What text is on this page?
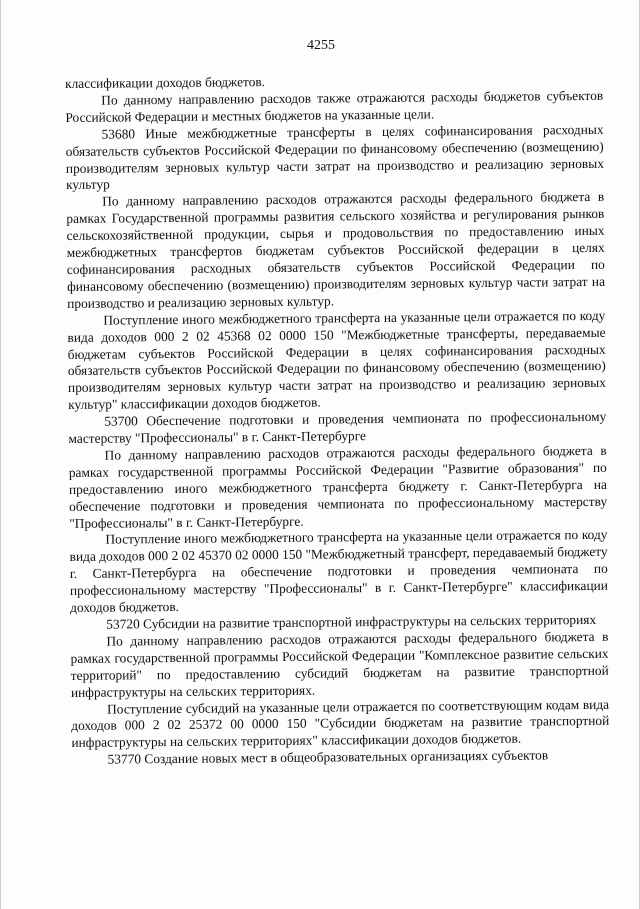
4255

классификации доходов бюджетов.

По данному направлению расходов также отражаются расходы бюджетов субъектов Российской Федерации и местных бюджетов на указанные цели.

53680 Иные межбюджетные трансферты в целях софинансирования расходных обязательств субъектов Российской Федерации по финансовому обеспечению (возмещению) производителям зерновых культур части затрат на производство и реализацию зерновых культур

По данному направлению расходов отражаются расходы федерального бюджета в рамках Государственной программы развития сельского хозяйства и регулирования рынков сельскохозяйственной продукции, сырья и продовольствия по предоставлению иных межбюджетных трансфертов бюджетам субъектов Российской федерации в целях софинансирования расходных обязательств субъектов Российской Федерации по финансовому обеспечению (возмещению) производителям зерновых культур части затрат на производство и реализацию зерновых культур.

Поступление иного межбюджетного трансферта на указанные цели отражается по коду вида доходов 000 2 02 45368 02 0000 150 "Межбюджетные трансферты, передаваемые бюджетам субъектов Российской Федерации в целях софинансирования расходных обязательств субъектов Российской Федерации по финансовому обеспечению (возмещению) производителям зерновых культур части затрат на производство и реализацию зерновых культур" классификации доходов бюджетов.

53700 Обеспечение подготовки и проведения чемпионата по профессиональному мастерству "Профессионалы" в г. Санкт-Петербурге

По данному направлению расходов отражаются расходы федерального бюджета в рамках государственной программы Российской Федерации "Развитие образования" по предоставлению иного межбюджетного трансферта бюджету г. Санкт-Петербурга на обеспечение подготовки и проведения чемпионата по профессиональному мастерству "Профессионалы" в г. Санкт-Петербурге.

Поступление иного межбюджетного трансферта на указанные цели отражается по коду вида доходов 000 2 02 45370 02 0000 150 "Межбюджетный трансферт, передаваемый бюджету г. Санкт-Петербурга на обеспечение подготовки и проведения чемпионата по профессиональному мастерству "Профессионалы" в г. Санкт-Петербурге" классификации доходов бюджетов.

53720 Субсидии на развитие транспортной инфраструктуры на сельских территориях

По данному направлению расходов отражаются расходы федерального бюджета в рамках государственной программы Российской Федерации "Комплексное развитие сельских территорий" по предоставлению субсидий бюджетам на развитие транспортной инфраструктуры на сельских территориях.

Поступление субсидий на указанные цели отражается по соответствующим кодам вида доходов 000 2 02 25372 00 0000 150 "Субсидии бюджетам на развитие транспортной инфраструктуры на сельских территориях" классификации доходов бюджетов.

53770 Создание новых мест в общеобразовательных организациях субъектов
